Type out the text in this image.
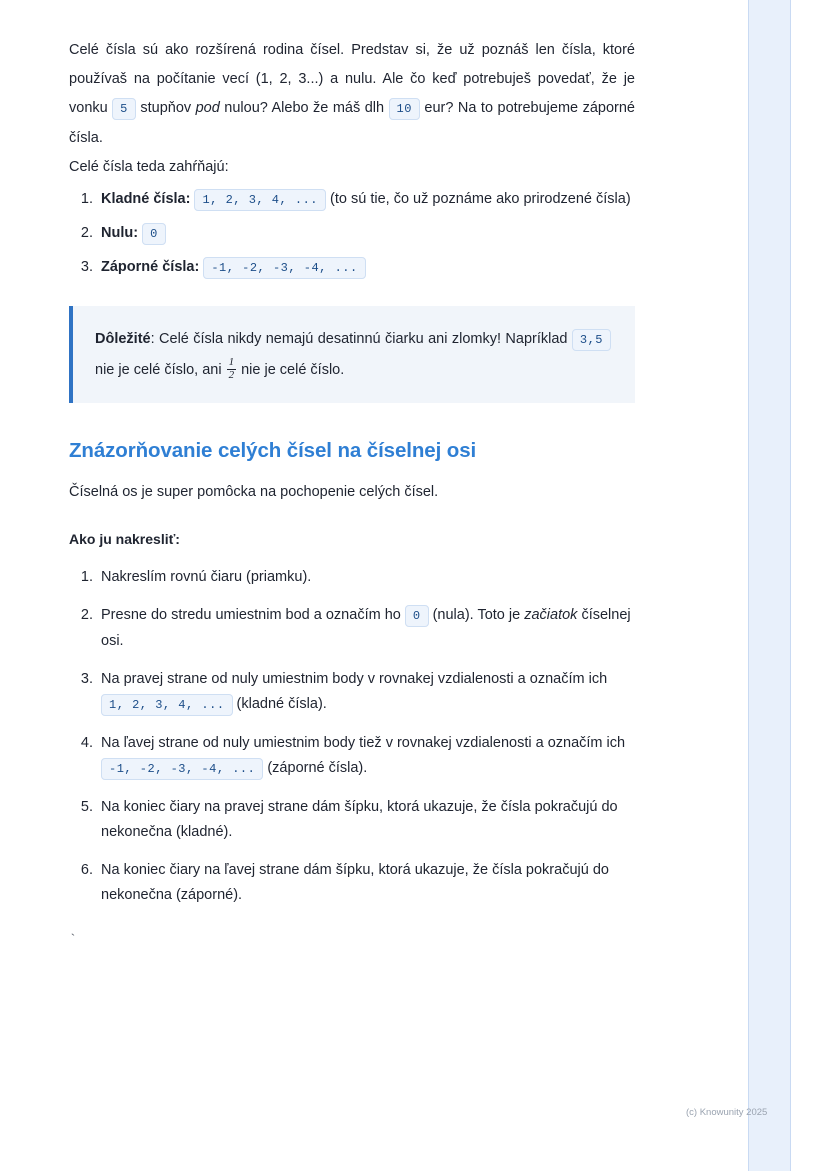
Celé čísla sú ako rozšírená rodina čísel. Predstav si, že už poznáš len čísla, ktoré používaš na počítanie vecí (1, 2, 3...) a nulu. Ale čo keď potrebuješ povedať, že je vonku 5 stupňov pod nulou? Alebo že máš dlh 10 eur? Na to potrebujeme záporné čísla.

Celé čísla teda zahŕňajú:

1. Kladné čísla: 1, 2, 3, 4, ... (to sú tie, čo už poznáme ako prirodzené čísla)
2. Nulu: 0
3. Záporné čísla: -1, -2, -3, -4, ...
Dôležité: Celé čísla nikdy nemajú desatinnú čiarku ani zlomky! Napríklad 3,5 nie je celé číslo, ani $\frac{1}{2}$ nie je celé číslo.
Znázorňovanie celých čísel na číselnej osi

Číselná os je super pomôcka na pochopenie celých čísel.

Ako ju nakresliť:

1. Nakreslím rovnú čiaru (priamku).
2. Presne do stredu umiestnim bod a označím ho 0 (nula). Toto je začiatok číselnej osi.
3. Na pravej strane od nuly umiestnim body v rovnakej vzdialenosti a označím ich 1, 2, 3, 4, ... (kladné čísla).
4. Na ľavej strane od nuly umiestnim body tiež v rovnakej vzdialenosti a označím ich -1, -2, -3, -4, ... (záporné čísla).
5. Na koniec čiary na pravej strane dám šípku, ktorá ukazuje, že čísla pokračujú do nekonečna (kladné).
6. Na koniec čiary na ľavej strane dám šípku, ktorá ukazuje, že čísla pokračujú do nekonečna (záporné).
`
(c) Knowunity 2025
